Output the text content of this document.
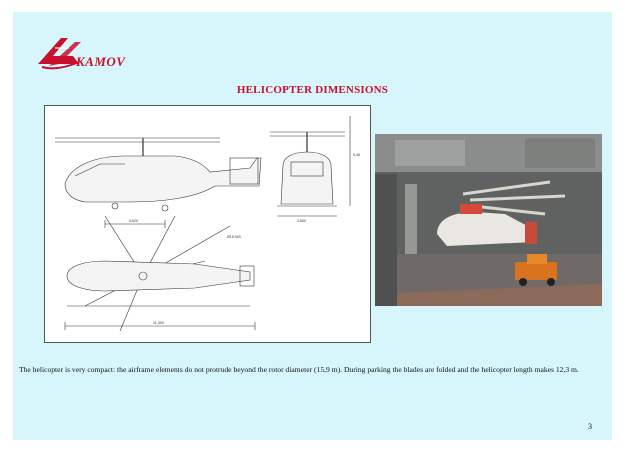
KAMOV
HELICOPTER DIMENSIONS
5,620
5,45
3,800
Ø15,900
11,300
The helicopter is very compact: the airframe elements do not protrude beyond the rotor diameter (15,9 m). During parking the blades are folded and the helicopter length makes 12,3 m.
3
